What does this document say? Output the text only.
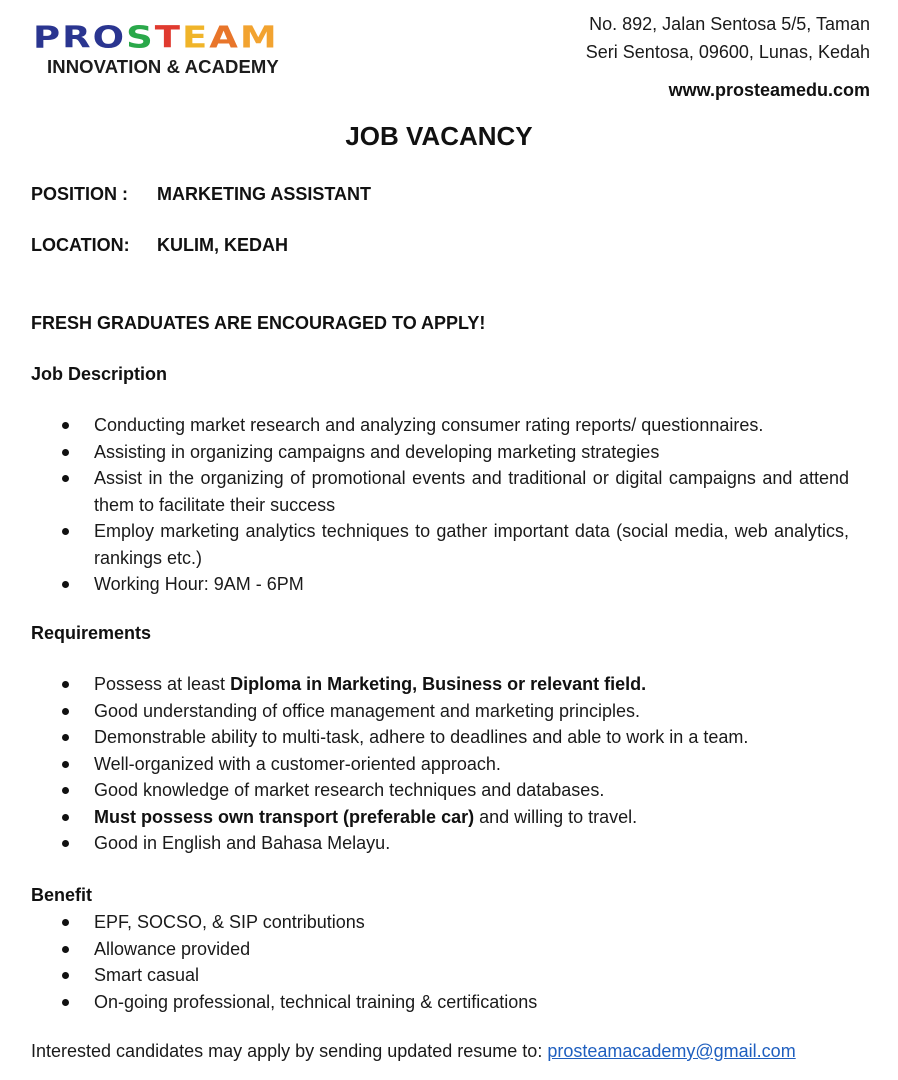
P R O S T E A M
INNOVATION & ACADEMY
No. 892, Jalan Sentosa 5/5, Taman
Seri Sentosa, 09600, Lunas, Kedah
www.prosteamedu.com
JOB VACANCY
POSITION : MARKETING ASSISTANT
LOCATION: KULIM, KEDAH
FRESH GRADUATES ARE ENCOURAGED TO APPLY!
Job Description
Conducting market research and analyzing consumer rating reports/ questionnaires.
Assisting in organizing campaigns and developing marketing strategies
Assist in the organizing of promotional events and traditional or digital campaigns and attend them to facilitate their success
Employ marketing analytics techniques to gather important data (social media, web analytics, rankings etc.)
Working Hour: 9AM - 6PM
Requirements
Possess at least Diploma in Marketing, Business or relevant field.
Good understanding of office management and marketing principles.
Demonstrable ability to multi-task, adhere to deadlines and able to work in a team.
Well-organized with a customer-oriented approach.
Good knowledge of market research techniques and databases.
Must possess own transport (preferable car) and willing to travel.
Good in English and Bahasa Melayu.
Benefit
EPF, SOCSO, & SIP contributions
Allowance provided
Smart casual
On-going professional, technical training & certifications
Interested candidates may apply by sending updated resume to: prosteamacademy@gmail.com
